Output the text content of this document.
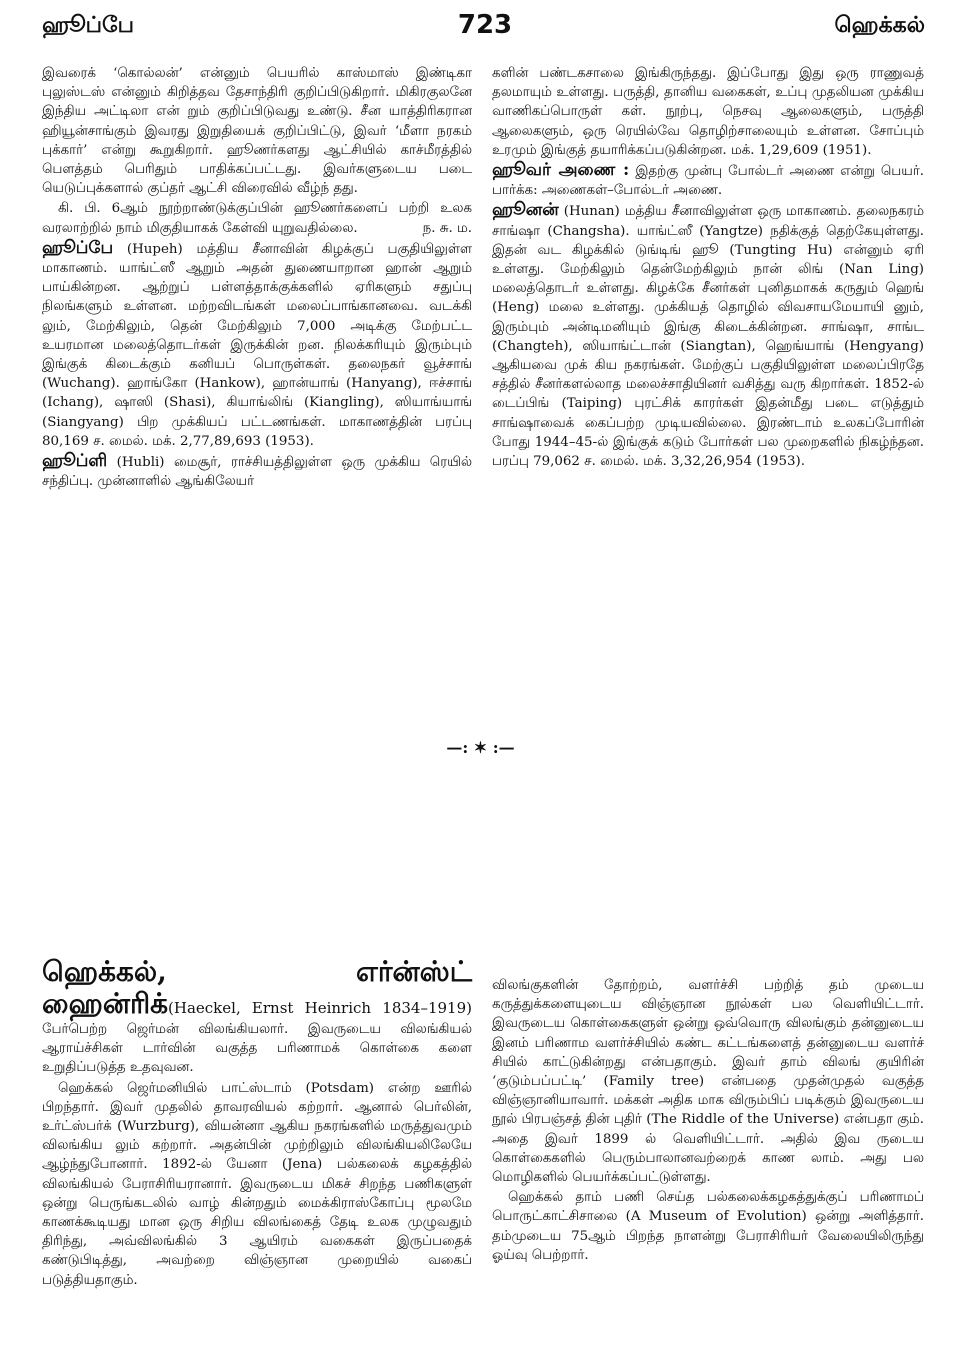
ஹூப்பே	723	ஹெக்கல்

இவரைக் ‘கொல்லன்’ என்னும் பெயரில் காஸ்மாஸ் இண்டிகா புலுஸ்டஸ் என்னும் கிறித்தவ தேசாந்திரி குறிப்பிடுகிறார். மிகிரகுலனே இந்திய அட்டிலா என் றும் குறிப்பிடுவது உண்டு. சீன யாத்திரிகரான ஹியூன்சாங்கும் இவரது இறுதியைக் குறிப்பிட்டு, இவர் ‘மீளா நரகம் புக்கார்’ என்று கூறுகிறார். ஹூணர்களது ஆட்சியில் காச்மீரத்தில் பௌத்தம் பெரிதும் பாதிக்கப்பட்டது. இவர்களுடைய படை யெடுப்புக்களால் குப்தர் ஆட்சி விரைவில் வீழ்ந் தது.

கி. பி. 6ஆம் நூற்றாண்டுக்குப்பின் ஹூணர்களைப் பற்றி உலக வரலாற்றில் நாம் மிகுதியாகக் கேள்வி யுறுவதில்லை.	ந. சு. ம.

ஹூப்பே (Hupeh) மத்திய சீனாவின் கிழக்குப் பகுதியிலுள்ள மாகாணம். யாங்ட்ஸீ ஆறும் அதன் துணையாறான ஹான் ஆறும் பாய்கின்றன. ஆற்றுப் பள்ளத்தாக்குக்களில் ஏரிகளும் சதுப்பு நிலங்களும் உள்ளன. மற்றவிடங்கள் மலைப்பாங்கானவை. வடக்கி லும், மேற்கிலும், தென் மேற்கிலும் 7,000 அடிக்கு மேற்பட்ட உயரமான மலைத்தொடர்கள் இருக்கின் றன. நிலக்கரியும் இரும்பும் இங்குக் கிடைக்கும் கனியப் பொருள்கள். தலைநகர் வூச்சாங் (Wuchang). ஹாங்கோ (Hankow), ஹான்யாங் (Hanyang), ஈச்சாங் (Ichang), ஷாஸி (Shasi), கியாங்லிங் (Kiangling), ஸியாங்யாங் (Siangyang) பிற முக்கியப் பட்டணங்கள். மாகாணத்தின் பரப்பு 80,169 ச. மைல். மக். 2,77,89,693 (1953).

ஹூப்ளி (Hubli) மைசூர், ராச்சியத்திலுள்ள ஒரு முக்கிய ரெயில் சந்திப்பு. முன்னாளில் ஆங்கிலேயர்

களின் பண்டகசாலை இங்கிருந்தது. இப்போது இது ஒரு ராணுவத் தலமாயும் உள்ளது. பருத்தி, தானிய வகைகள், உப்பு முதலியன முக்கிய வாணிகப்பொருள் கள். நூற்பு, நெசவு ஆலைகளும், பருத்தி ஆலைகளும், ஒரு ரெயில்வே தொழிற்சாலையும் உள்ளன. சோப்பும் உரமும் இங்குத் தயாரிக்கப்படுகின்றன. மக். 1,29,609 (1951).

ஹூவர் அணை : இதற்கு முன்பு போல்டர் அணை என்று பெயர். பார்க்க: அணைகள்–போல்டர் அணை.

ஹூனன் (Hunan) மத்திய சீனாவிலுள்ள ஒரு மாகாணம். தலைநகரம் சாங்ஷா (Changsha). யாங்ட்ஸீ (Yangtze) நதிக்குத் தெற்கேயுள்ளது. இதன் வட கிழக்கில் டுங்டிங் ஹூ (Tungting Hu) என்னும் ஏரி உள்ளது. மேற்கிலும் தென்மேற்கிலும் நான் லிங் (Nan Ling) மலைத்தொடர் உள்ளது. கிழக்கே சீனர்கள் புனிதமாகக் கருதும் ஹெங் (Heng) மலை உள்ளது. முக்கியத் தொழில் விவசாயமேயாயி னும், இரும்பும் அன்டிமனியும் இங்கு கிடைக்கின்றன. சாங்ஷா, சாங்ட (Changteh), ஸியாங்ட்டான் (Siangtan), ஹெங்யாங் (Hengyang) ஆகியவை முக் கிய நகரங்கள். மேற்குப் பகுதியிலுள்ள மலைப்பிரதே சத்தில் சீனர்களல்லாத மலைச்சாதியினர் வசித்து வரு கிறார்கள். 1852-ல் டைப்பிங் (Taiping) புரட்சிக் காரர்கள் இதன்மீது படை எடுத்தும் சாங்ஷாவைக் கைப்பற்ற முடியவில்லை. இரண்டாம் உலகப்போரின் போது 1944–45-ல் இங்குக் கடும் போர்கள் பல முறைகளில் நிகழ்ந்தன. பரப்பு 79,062 ச. மைல். மக். 3,32,26,954 (1953).

—: ✶ :—

ஹெக்கல், எர்ன்ஸ்ட் ஹைன்ரிக்(Haeckel, Ernst Heinrich 1834–1919) பேர்பெற்ற ஜெர்மன் விலங்கியலார். இவருடைய விலங்கியல் ஆராய்ச்சிகள் டார்வின் வகுத்த பரிணாமக் கொள்கை களை உறுதிப்படுத்த உதவுவன.

ஹெக்கல் ஜெர்மனியில் பாட்ஸ்டாம் (Potsdam) என்ற ஊரில் பிறந்தார். இவர் முதலில் தாவரவியல் கற்றார். ஆனால் பெர்லின், உர்ட்ஸ்பர்க் (Wurzburg), வியன்னா ஆகிய நகரங்களில் மருத்துவமும் விலங்கிய லும் கற்றார். அதன்பின் முற்றிலும் விலங்கியலிலேயே ஆழ்ந்துபோனார். 1892-ல் யேனா (Jena) பல்கலைக் கழகத்தில் விலங்கியல் பேராசிரியரானார். இவருடைய மிகச் சிறந்த பணிகளுள் ஒன்று பெருங்கடலில் வாழ் கின்றதும் மைக்கிராஸ்கோப்பு மூலமே காணக்கூடியது மான ஒரு சிறிய விலங்கைத் தேடி உலக முழுவதும் திரிந்து, அவ்விலங்கில் 3 ஆயிரம் வகைகள் இருப்பதைக் கண்டுபிடித்து, அவற்றை விஞ்ஞான முறையில் வகைப் படுத்தியதாகும்.

விலங்குகளின் தோற்றம், வளர்ச்சி பற்றித் தம் முடைய கருத்துக்களையுடைய விஞ்ஞான நூல்கள் பல வெளியிட்டார். இவருடைய கொள்கைகளுள் ஒன்று ஒவ்வொரு விலங்கும் தன்னுடைய இனம் பரிணாம வளர்ச்சியில் கண்ட கட்டங்களைத் தன்னுடைய வளர்ச் சியில் காட்டுகின்றது என்பதாகும். இவர் தாம் விலங் குயிரின் ‘குடும்பப்பட்டி’ (Family tree) என்பதை முதன்முதல் வகுத்த விஞ்ஞானியாவார். மக்கள் அதிக மாக விரும்பிப் படிக்கும் இவருடைய நூல் பிரபஞ்சத் தின் புதிர் (The Riddle of the Universe) என்பதா கும். அதை இவர் 1899 ல் வெளியிட்டார். அதில் இவ ருடைய கொள்கைகளில் பெரும்பாலானவற்றைக் காண லாம். அது பல மொழிகளில் பெயர்க்கப்பட்டுள்ளது.

ஹெக்கல் தாம் பணி செய்த பல்கலைக்கழகத்துக்குப் பரிணாமப் பொருட்காட்சிசாலை (A Museum of Evolution) ஒன்று அளித்தார். தம்முடைய 75ஆம் பிறந்த நாளன்று பேராசிரியர் வேலையிலிருந்து ஓய்வு பெற்றார்.
